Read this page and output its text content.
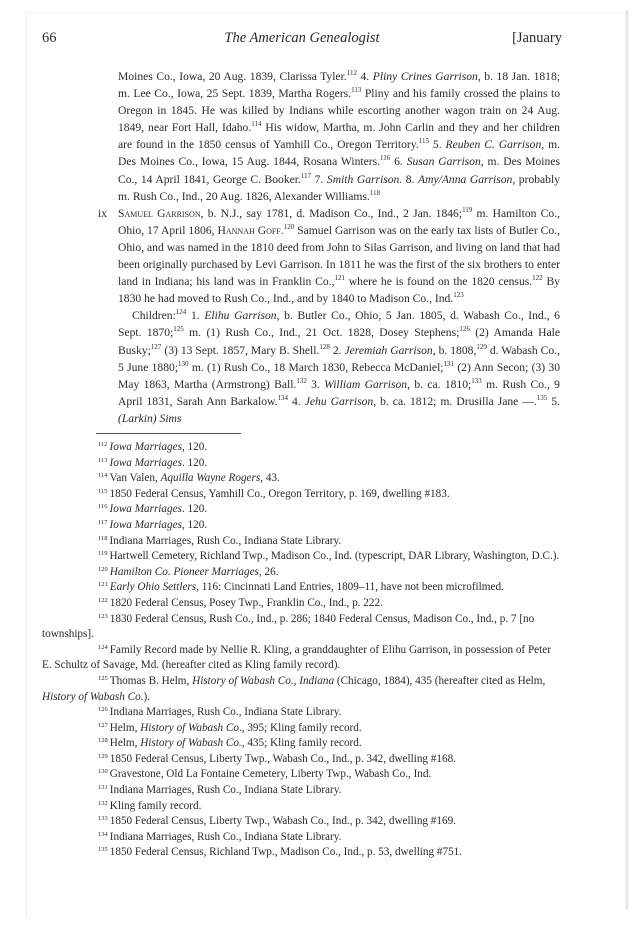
66	The American Genealogist	[January

Moines Co., Iowa, 20 Aug. 1839, Clarissa Tyler.$^{112}$ 4. Pliny Crines Garrison, b. 18 Jan. 1818; m. Lee Co., Iowa, 25 Sept. 1839, Martha Rogers.$^{113}$ Pliny and his family crossed the plains to Oregon in 1845. He was killed by Indians while escorting another wagon train on 24 Aug. 1849, near Fort Hall, Idaho.$^{114}$ His widow, Martha, m. John Carlin and they and her children are found in the 1850 census of Yamhill Co., Oregon Territory.$^{115}$ 5. Reuben C. Garrison, m. Des Moines Co., Iowa, 15 Aug. 1844, Rosana Winters.$^{116}$ 6. Susan Garrison, m. Des Moines Co., 14 April 1841, George C. Booker.$^{117}$ 7. Smith Garrison. 8. Amy/Anna Garrison, probably m. Rush Co., Ind., 20 Aug. 1826, Alexander Williams.$^{118}$

ix Samuel Garrison, b. N.J., say 1781, d. Madison Co., Ind., 2 Jan. 1846;$^{119}$ m. Hamilton Co., Ohio, 17 April 1806, Hannah Goff.$^{120}$ Samuel Garrison was on the early tax lists of Butler Co., Ohio, and was named in the 1810 deed from John to Silas Garrison, and living on land that had been originally purchased by Levi Garrison. In 1811 he was the first of the six brothers to enter land in Indiana; his land was in Franklin Co.,$^{121}$ where he is found on the 1820 census.$^{122}$ By 1830 he had moved to Rush Co., Ind., and by 1840 to Madison Co., Ind.$^{123}$

Children:$^{124}$ 1. Elihu Garrison, b. Butler Co., Ohio, 5 Jan. 1805, d. Wabash Co., Ind., 6 Sept. 1870;$^{125}$ m. (1) Rush Co., Ind., 21 Oct. 1828, Dosey Stephens;$^{126}$ (2) Amanda Hale Busky;$^{127}$ (3) 13 Sept. 1857, Mary B. Shell.$^{128}$ 2. Jeremiah Garrison, b. 1808,$^{129}$ d. Wabash Co., 5 June 1880;$^{130}$ m. (1) Rush Co., 18 March 1830, Rebecca McDaniel;$^{131}$ (2) Ann Secon; (3) 30 May 1863, Martha (Armstrong) Ball.$^{132}$ 3. William Garrison, b. ca. 1810;$^{133}$ m. Rush Co., 9 April 1831, Sarah Ann Barkalow.$^{134}$ 4. Jehu Garrison, b. ca. 1812; m. Drusilla Jane —.$^{135}$ 5. (Larkin) Sims

$^{112}$ Iowa Marriages, 120.

$^{113}$ Iowa Marriages. 120.

$^{114}$ Van Valen, Aquilla Wayne Rogers, 43.

$^{115}$ 1850 Federal Census, Yamhill Co., Oregon Territory, p. 169, dwelling #183.

$^{116}$ Iowa Marriages. 120.

$^{117}$ Iowa Marriages, 120.

$^{118}$ Indiana Marriages, Rush Co., Indiana State Library.

$^{119}$ Hartwell Cemetery, Richland Twp., Madison Co., Ind. (typescript, DAR Library, Washington, D.C.).

$^{120}$ Hamilton Co. Pioneer Marriages, 26.

$^{121}$ Early Ohio Settlers, 116: Cincinnati Land Entries, 1809–11, have not been microfilmed.

$^{122}$ 1820 Federal Census, Posey Twp., Franklin Co., Ind., p. 222.

$^{123}$ 1830 Federal Census, Rush Co., Ind., p. 286; 1840 Federal Census, Madison Co., Ind., p. 7 [no townships].

$^{124}$ Family Record made by Nellie R. Kling, a granddaughter of Elihu Garrison, in possession of Peter E. Schultz of Savage, Md. (hereafter cited as Kling family record).

$^{125}$ Thomas B. Helm, History of Wabash Co., Indiana (Chicago, 1884), 435 (hereafter cited as Helm, History of Wabash Co.).

$^{126}$ Indiana Marriages, Rush Co., Indiana State Library.

$^{127}$ Helm, History of Wabash Co., 395; Kling family record.

$^{128}$ Helm, History of Wabash Co., 435; Kling family record.

$^{129}$ 1850 Federal Census, Liberty Twp., Wabash Co., Ind., p. 342, dwelling #168.

$^{130}$ Gravestone, Old La Fontaine Cemetery, Liberty Twp., Wabash Co., Ind.

$^{131}$ Indiana Marriages, Rush Co., Indiana State Library.

$^{132}$ Kling family record.

$^{133}$ 1850 Federal Census, Liberty Twp., Wabash Co., Ind., p. 342, dwelling #169.

$^{134}$ Indiana Marriages, Rush Co., Indiana State Library.

$^{135}$ 1850 Federal Census, Richland Twp., Madison Co., Ind., p. 53, dwelling #751.
